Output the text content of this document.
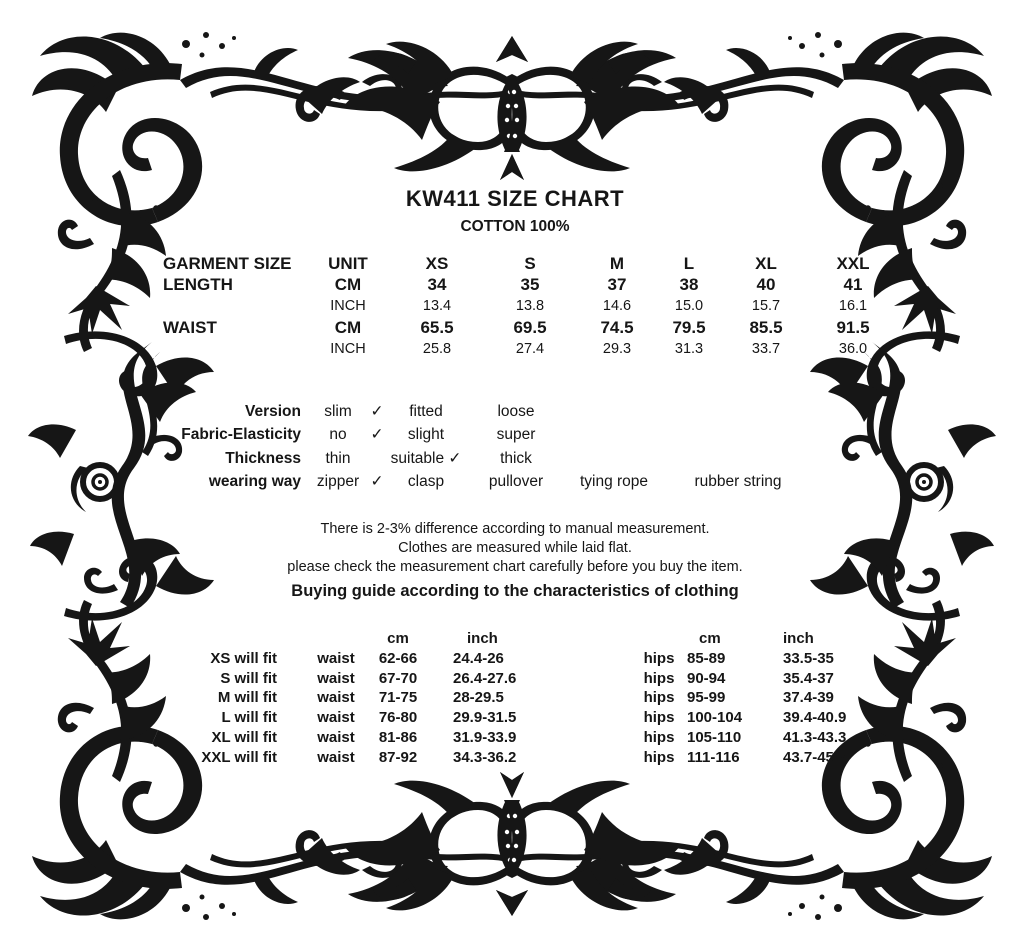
KW411 SIZE CHART
COTTON 100%
GARMENT SIZE	UNIT	XS	S	M	L	XL	XXL
LENGTH	CM	34	35	37	38	40	41
INCH	13.4	13.8	14.6	15.0	15.7	16.1
WAIST	CM	65.5	69.5	74.5	79.5	85.5	91.5
INCH	25.8	27.4	29.3	31.3	33.7	36.0
Version	slim	✓	fitted	loose
Fabric-Elasticity	no	✓	slight	super
Thickness	thin	suitable ✓	thick
wearing way	zipper ✓	clasp	pullover	tying rope	rubber string

There is 2-3% difference according to manual measurement.

Clothes are measured while laid flat.

please check the measurement chart carefully before you buy the item.

Buying guide according to the characteristics of clothing
cm	inch	cm	inch
XS will fit	waist	62-66	24.4-26	hips 85-89	33.5-35
S will fit	waist	67-70	26.4-27.6	hips 90-94	35.4-37
M will fit	waist	71-75	28-29.5	hips 95-99	37.4-39
L will fit	waist	76-80	29.9-31.5	hips 100-104	39.4-40.9
XL will fit	waist	81-86	31.9-33.9	hips 105-110	41.3-43.3
XXL will fit	waist	87-92	34.3-36.2	hips 111-116	43.7-45.7
